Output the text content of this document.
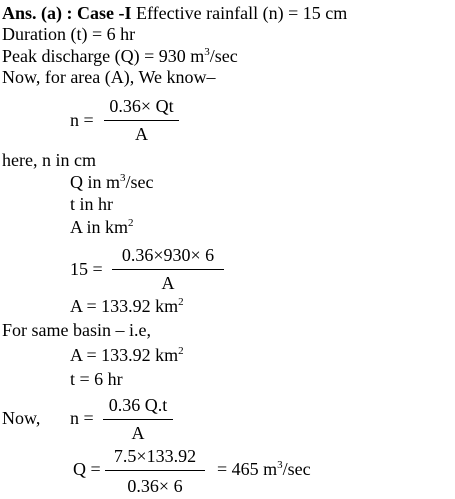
Ans. (a) : Case -I Effective rainfall (n) = 15 cm
Duration (t) = 6 hr
Peak discharge (Q) = 930 $m^3/\sec$
Now, for area (A), We know–
n =
0.36× Qt
A
here, n in cm
Q in $m^3/\sec$
t in hr
A in $km^2$
15 =
0.36×930× 6
A
A = 133.92 $km^2$
For same basin – i.e,
A = 133.92 $km^2$
t = 6 hr
Now, n =
0.36 Q.t
A
Q =
7.5×133.92
0.36× 6
= 465 $m^3/\sec$
